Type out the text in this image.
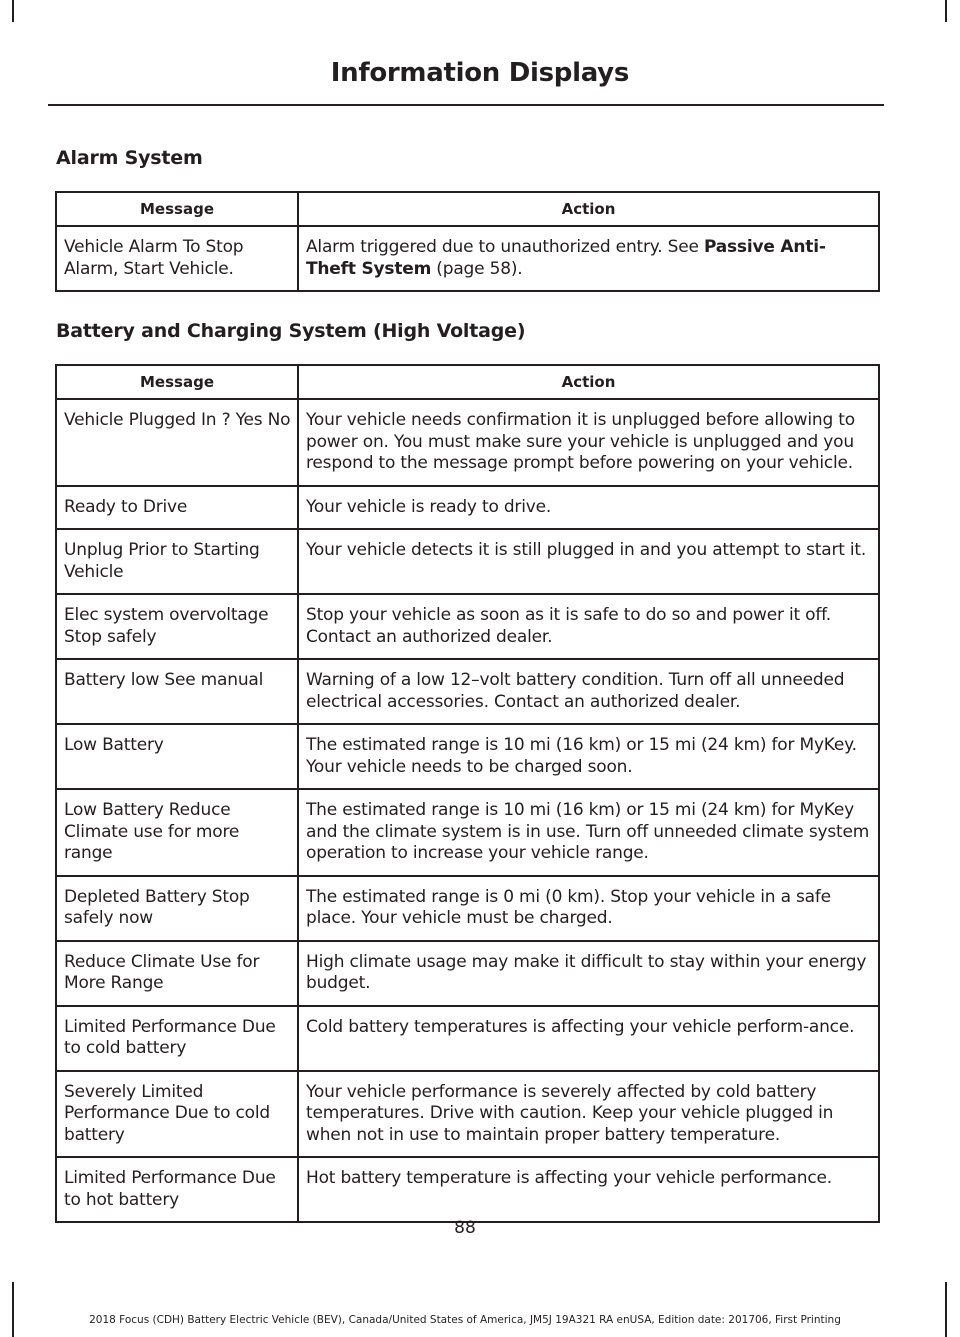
Information Displays
Alarm System
Message	Action
Vehicle Alarm To Stop Alarm, Start Vehicle.	Alarm triggered due to unauthorized entry. See Passive Anti-Theft System (page 58).
Battery and Charging System (High Voltage)
Message	Action
Vehicle Plugged In ? Yes No	Your vehicle needs confirmation it is unplugged before allowing to power on. You must make sure your vehicle is unplugged and you respond to the message prompt before powering on your vehicle.
Ready to Drive	Your vehicle is ready to drive.
Unplug Prior to Starting Vehicle	Your vehicle detects it is still plugged in and you attempt to start it.
Elec system overvoltage Stop safely	Stop your vehicle as soon as it is safe to do so and power it off. Contact an authorized dealer.
Battery low See manual	Warning of a low 12–volt battery condition. Turn off all unneeded electrical accessories. Contact an authorized dealer.
Low Battery	The estimated range is 10 mi (16 km) or 15 mi (24 km) for MyKey. Your vehicle needs to be charged soon.
Low Battery Reduce Climate use for more range	The estimated range is 10 mi (16 km) or 15 mi (24 km) for MyKey and the climate system is in use. Turn off unneeded climate system operation to increase your vehicle range.
Depleted Battery Stop safely now	The estimated range is 0 mi (0 km). Stop your vehicle in a safe place. Your vehicle must be charged.
Reduce Climate Use for More Range	High climate usage may make it difficult to stay within your energy budget.
Limited Performance Due to cold battery	Cold battery temperatures is affecting your vehicle perform-ance.
Severely Limited Performance Due to cold battery	Your vehicle performance is severely affected by cold battery temperatures. Drive with caution. Keep your vehicle plugged in when not in use to maintain proper battery temperature.
Limited Performance Due to hot battery	Hot battery temperature is affecting your vehicle performance.
88
2018 Focus (CDH) Battery Electric Vehicle (BEV), Canada/United States of America, JM5J 19A321 RA enUSA, Edition date: 201706, First Printing
